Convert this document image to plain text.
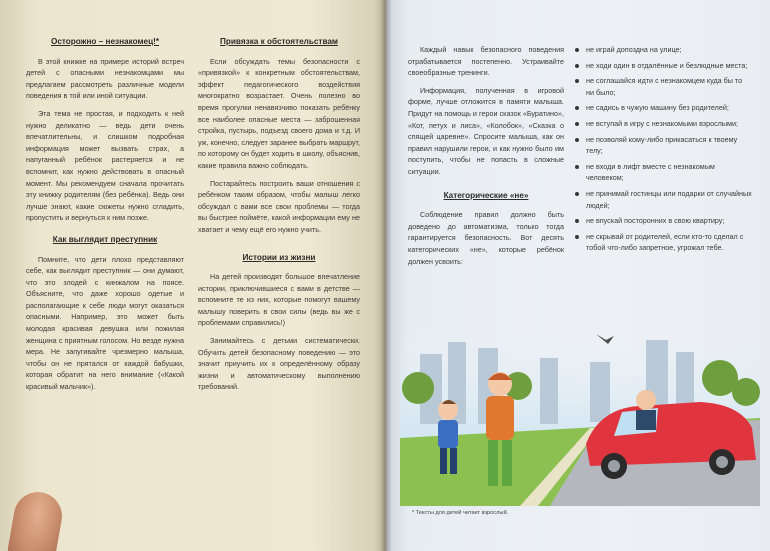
Осторожно – незнакомец!*

В этой книжке на примере историй встреч детей с опасными незнакомцами мы предлагаем рассмотреть различные модели поведения в той или иной ситуации.

Эта тема не простая, и подходить к ней нужно деликатно — ведь дети очень впечатлительны, и слишком подробная информация может вызвать страх, а напуганный ребёнок растеряется и не вспомнит, как нужно действовать в опасный момент. Мы рекомендуем сначала прочитать эту книжку родителям (без ребёнка). Ведь они лучше знают, какие сюжеты нужно сгладить, пропустить и вернуться к ним позже.

Как выглядит преступник

Помните, что дети плохо представляют себе, как выглядит преступник — они думают, что это злодей с кинжалом на поясе. Объясните, что даже хорошо одетые и располагающие к себе люди могут оказаться опасными. Например, это может быть молодая красивая девушка или пожилая женщина с приятным голосом. Но везде нужна мера. Не запугивайте чрезмерно малыша, чтобы он не прятался от каждой бабушки, которая обратит на него внимание («Какой красивый мальчик»).

Привязка к обстоятельствам

Если обсуждать темы безопасности с «привязкой» к конкретным обстоятельствам, эффект педагогического воздействия многократно возрастает. Очень полезно во время прогулки ненавязчиво показать ребёнку все наиболее опасные места — заброшенная стройка, пустырь, подъезд своего дома и т.д. И уж, конечно, следует заранее выбрать маршрут, по которому он будет ходить в школу, объяснив, какие правила важно соблюдать.

Постарайтесь построить ваши отношения с ребёнком таким образом, чтобы малыш легко обсуждал с вами все свои проблемы — тогда вы быстрее поймёте, какой информации ему не хватает и чему ещё его нужно учить.

Истории из жизни

На детей производят большое впечатление истории, приключившиеся с вами в детстве — вспомните те из них, которые помогут вашему малышу поверить в свои силы (ведь вы же с проблемами справились!)

Занимайтесь с детьми систематически. Обучить детей безопасному поведению — это значит приучить их к определённому образу жизни и автоматическому выполнению требований.

Каждый навык безопасного поведения отрабатывается постепенно. Устраивайте своеобразные тренинги.

Информация, полученная в игровой форме, лучше отложится в памяти малыша. Придут на помощь и герои сказок «Буратино», «Кот, петух и лиса», «Колобок», «Сказка о спящей царевне». Спросите малыша, как он правил нарушили герои, и как нужно было им поступить, чтобы не попасть в сложные ситуации.

Категорические «не»

Соблюдение правил должно быть доведено до автоматизма, только тогда гарантируется безопасность. Вот десять категорических «не», которые ребёнок должен усвоить:

не играй допоздна на улице;
не ходи один в отдалённые и безлюдные места;
не соглашайся идти с незнакомцем куда бы то ни было;
не садись в чужую машину без родителей;
не вступай в игру с незнакомыми взрослыми;
не позволяй кому-либо прикасаться к твоему телу;
не входи в лифт вместе с незнакомым человеком;
не принимай гостинцы или подарки от случайных людей;
не впускай посторонних в свою квартиру;
не скрывай от родителей, если кто-то сделал с тобой что-либо запретное, угрожал тебе.
* Тексты для детей читает взрослый.
